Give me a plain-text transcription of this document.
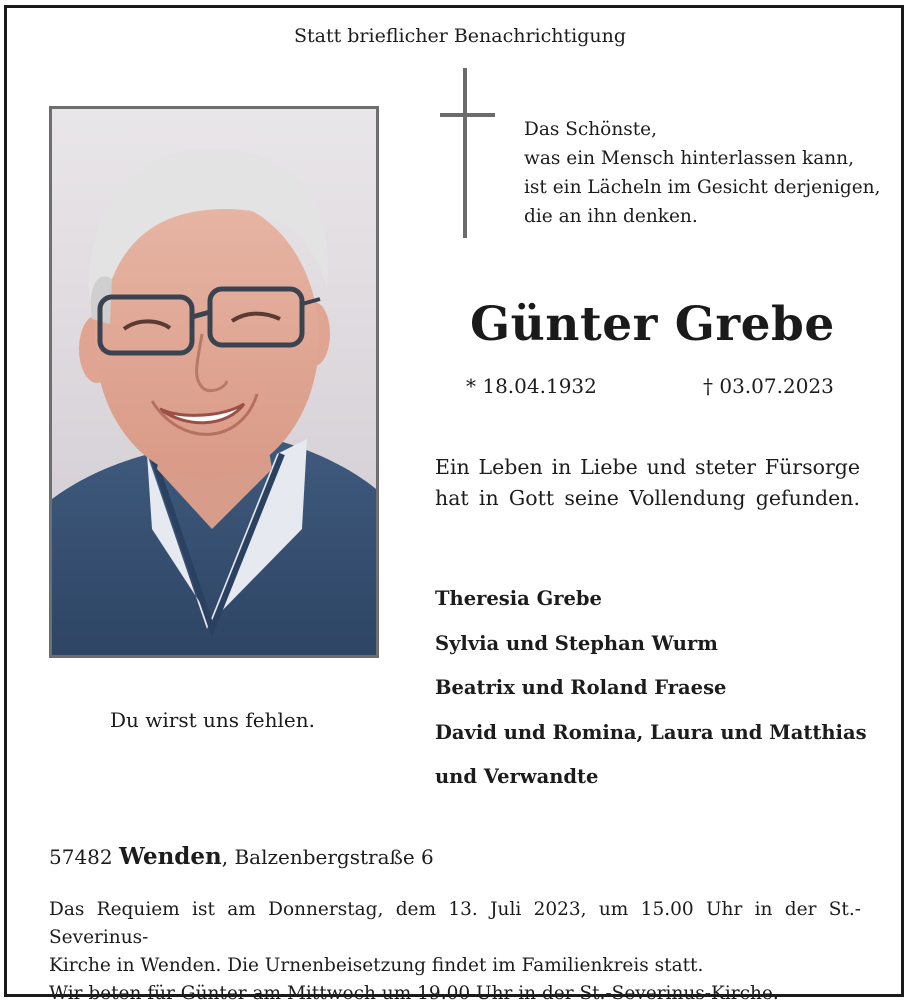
Statt brieflicher Benachrichtigung
Das Schönste,
was ein Mensch hinterlassen kann,
ist ein Lächeln im Gesicht derjenigen,
die an ihn denken.
Günter Grebe
* 18.04.1932	† 03.07.2023
Ein Leben in Liebe und steter Fürsorge
hat in Gott seine Vollendung gefunden.
Theresia Grebe
Sylvia und Stephan Wurm
Beatrix und Roland Fraese
David und Romina, Laura und Matthias
und Verwandte
Du wirst uns fehlen.
57482 Wenden, Balzenbergstraße 6
Das Requiem ist am Donnerstag, dem 13. Juli 2023, um 15.00 Uhr in der St.-Severinus-
Kirche in Wenden. Die Urnenbeisetzung findet im Familienkreis statt.
Wir beten für Günter am Mittwoch um 19.00 Uhr in der St.-Severinus-Kirche.
